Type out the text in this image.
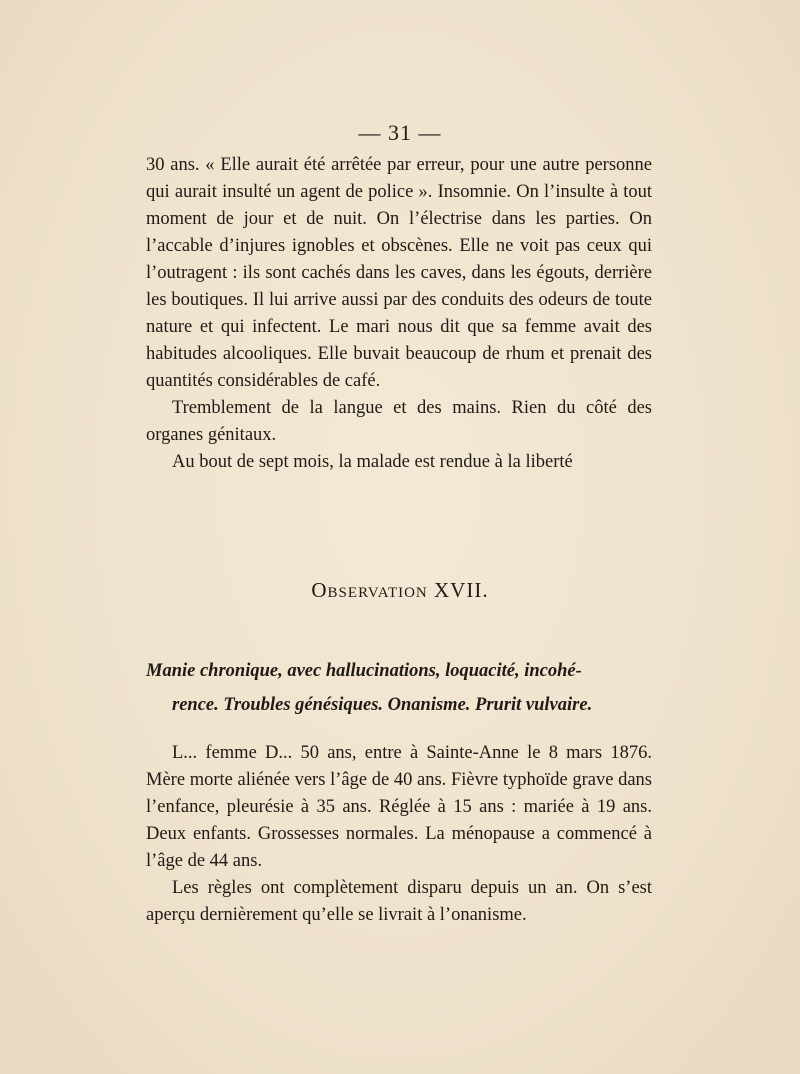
— 31 —

30 ans. « Elle aurait été arrêtée par erreur, pour une autre personne qui aurait insulté un agent de police ». Insomnie. On l’insulte à tout moment de jour et de nuit. On l’électrise dans les parties. On l’accable d’injures ignobles et obscènes. Elle ne voit pas ceux qui l’outragent : ils sont cachés dans les caves, dans les égouts, derrière les boutiques. Il lui arrive aussi par des conduits des odeurs de toute nature et qui infectent. Le mari nous dit que sa femme avait des habitudes alcooliques. Elle buvait beaucoup de rhum et prenait des quantités considérables de café.

Tremblement de la langue et des mains. Rien du côté des organes génitaux.

Au bout de sept mois, la malade est rendue à la liberté

Observation XVII.
Manie chronique, avec hallucinations, loquacité, incohé-
rence. Troubles génésiques. Onanisme. Prurit vulvaire.

L... femme D... 50 ans, entre à Sainte-Anne le 8 mars 1876. Mère morte aliénée vers l’âge de 40 ans. Fièvre typhoïde grave dans l’enfance, pleurésie à 35 ans. Réglée à 15 ans : mariée à 19 ans. Deux enfants. Grossesses normales. La ménopause a commencé à l’âge de 44 ans.

Les règles ont complètement disparu depuis un an. On s’est aperçu dernièrement qu’elle se livrait à l’onanisme.
